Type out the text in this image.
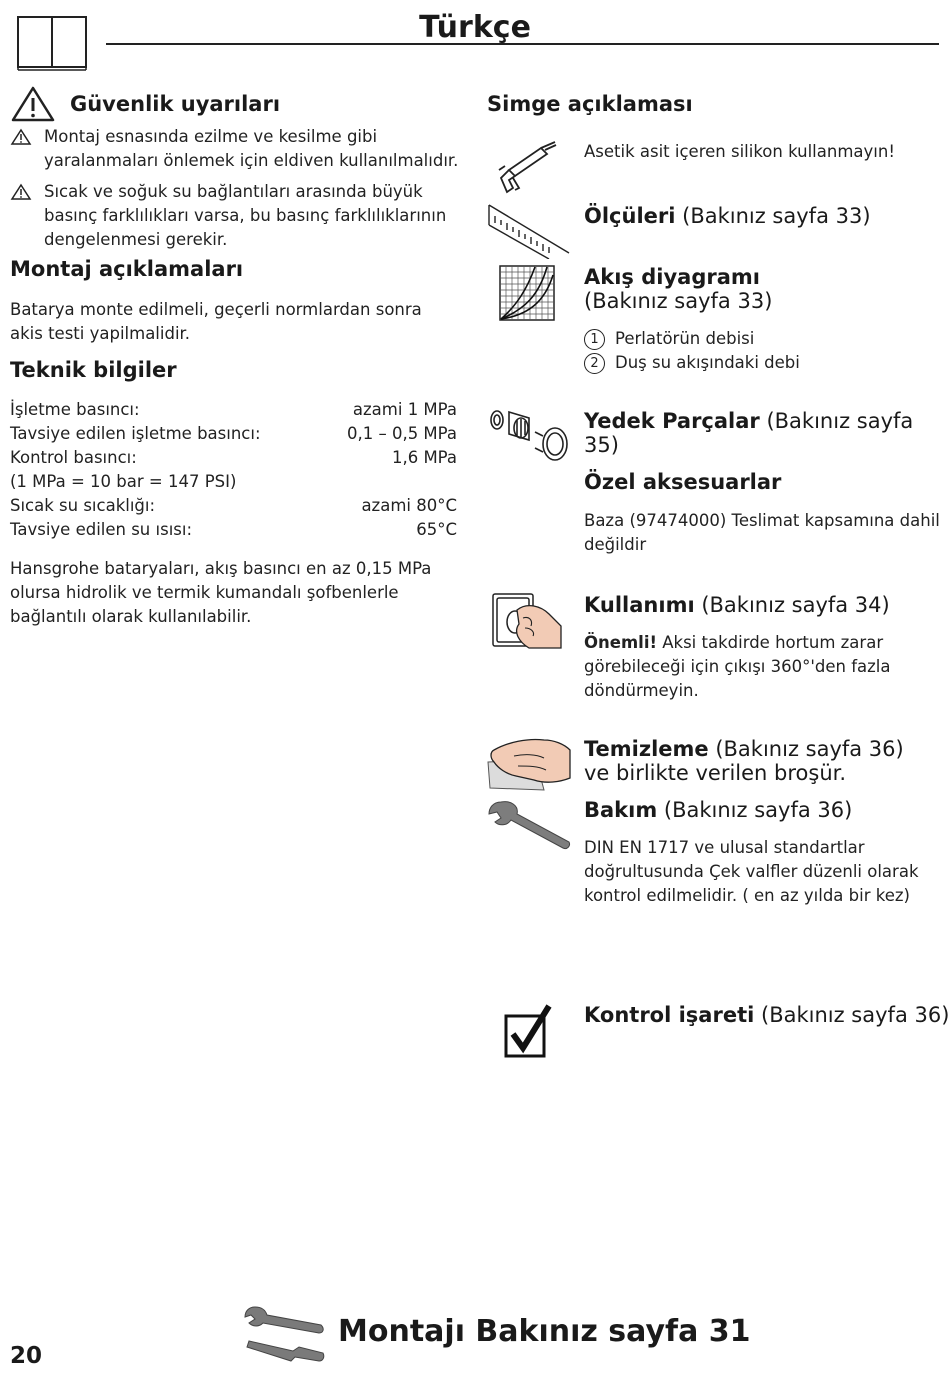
Türkçe
Güvenlik uyarıları
Montaj esnasında ezilme ve kesilme gibi yaralanmaları önlemek için eldiven kullanılmalıdır.
Sıcak ve soğuk su bağlantıları arasında büyük basınç farklılıkları varsa, bu basınç farklılıklarının dengelenmesi gerekir.
Montaj açıklamaları
Batarya monte edilmeli, geçerli normlardan sonra akis testi yapilmalidir.
Teknik bilgiler
İşletme basıncı:	azami 1 MPa
Tavsiye edilen işletme basıncı:	0,1 – 0,5 MPa
Kontrol basıncı:	1,6 MPa
(1 MPa = 10 bar = 147 PSI)
Sıcak su sıcaklığı:	azami 80°C
Tavsiye edilen su ısısı:	65°C
Hansgrohe bataryaları, akış basıncı en az 0,15 MPa olursa hidrolik ve termik kumandalı şofbenlerle bağlantılı olarak kullanılabilir.
Simge açıklaması
Asetik asit içeren silikon kullanmayın!
Ölçüleri (Bakınız sayfa 33)
Akış diyagramı
(Bakınız sayfa 33)
1 Perlatörün debisi
2 Duş su akışındaki debi
Yedek Parçalar (Bakınız sayfa 35)
Özel aksesuarlar
Baza (97474000) Teslimat kapsamına dahil değildir
Kullanımı (Bakınız sayfa 34)
Önemli! Aksi takdirde hortum zarar görebileceği için çıkışı 360°'den fazla döndürmeyin.
Temizleme (Bakınız sayfa 36) ve birlikte verilen broşür.
Bakım (Bakınız sayfa 36)
DIN EN 1717 ve ulusal standartlar doğrultusunda Çek valfler düzenli olarak kontrol edilmelidir. ( en az yılda bir kez)
Kontrol işareti (Bakınız sayfa 36)
20
Montajı Bakınız sayfa 31
